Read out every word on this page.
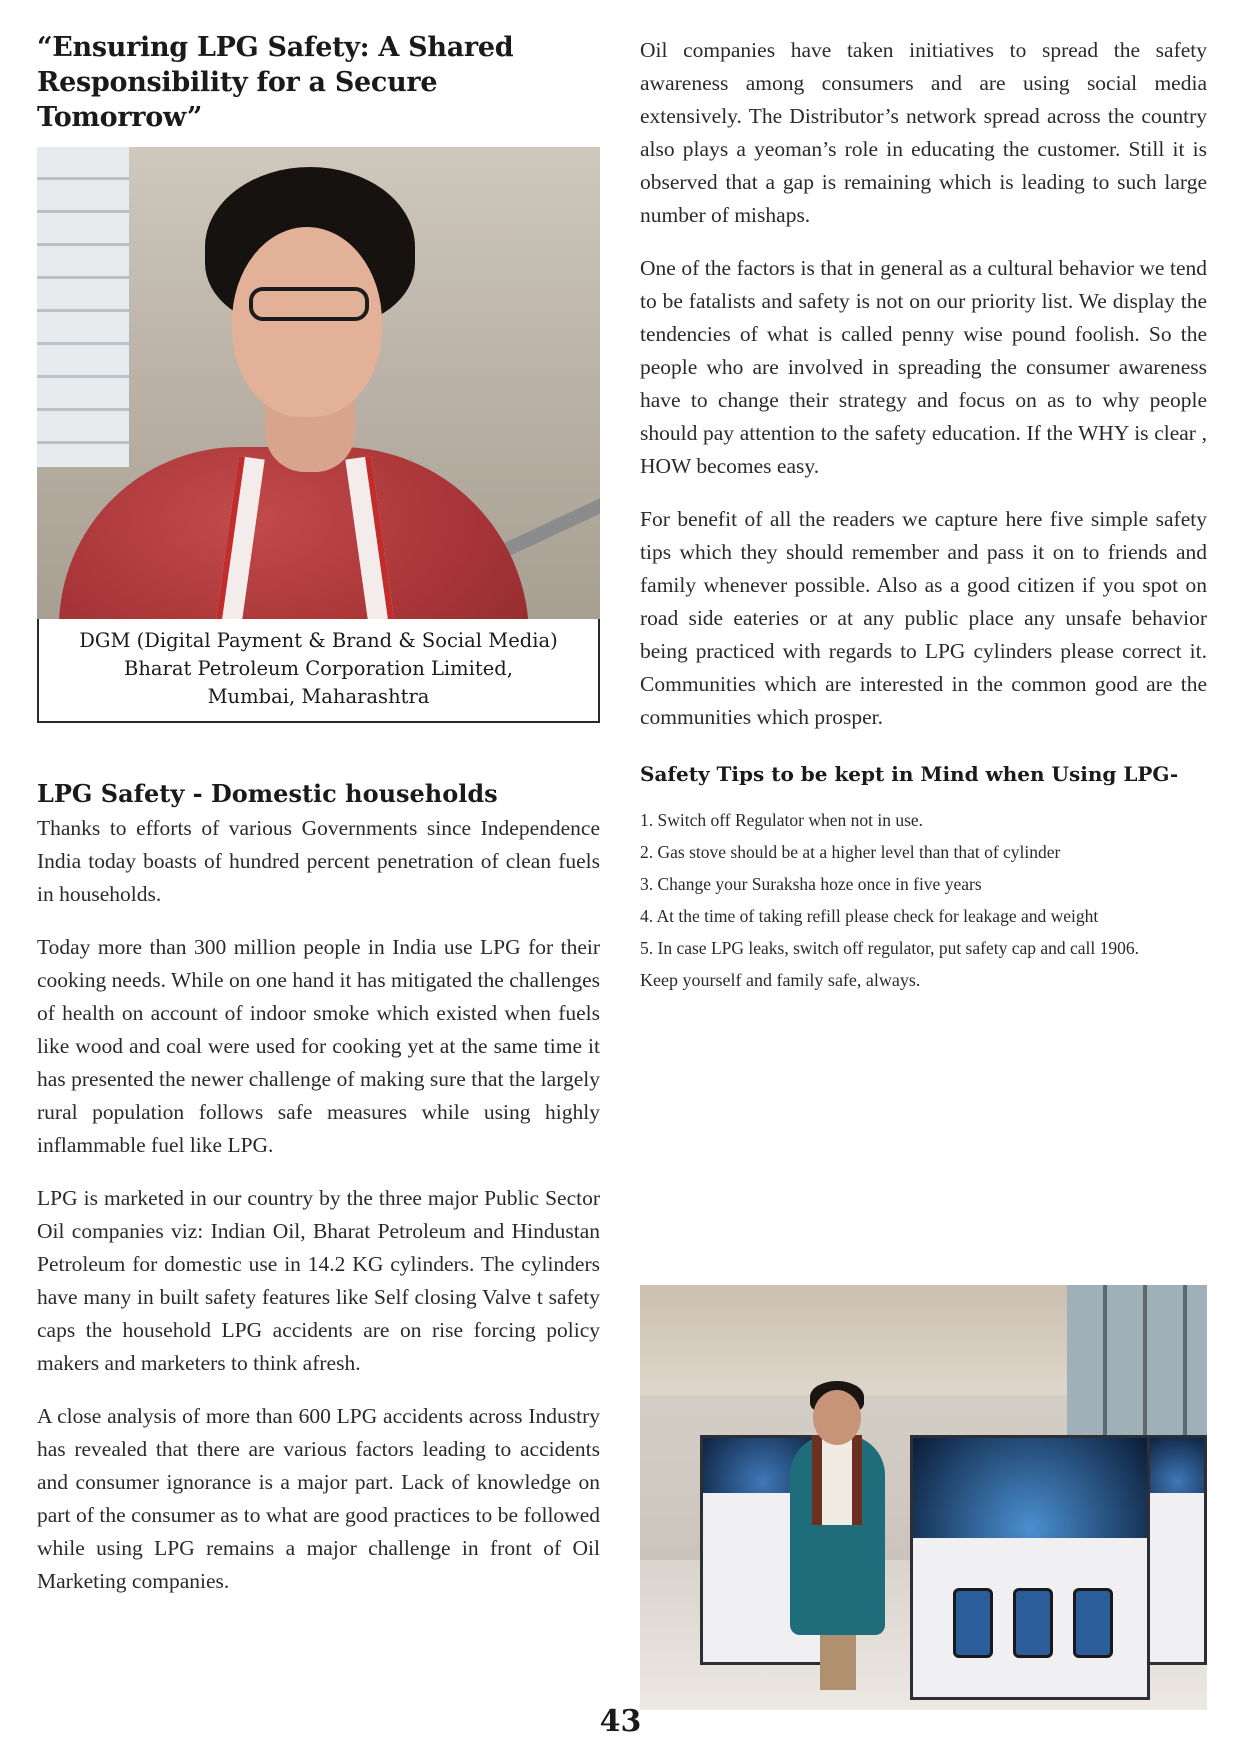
“Ensuring LPG Safety: A Shared
Responsibility for a Secure Tomorrow”
DGM (Digital Payment & Brand & Social Media)
Bharat Petroleum Corporation Limited,
Mumbai, Maharashtra
LPG Safety - Domestic households

Thanks to efforts of various Governments since Independence India today boasts of hundred percent penetration of clean fuels in households.

Today more than 300 million people in India use LPG for their cooking needs. While on one hand it has mitigated the challenges of health on account of indoor smoke which existed when fuels like wood and coal were used for cooking yet at the same time it has presented the newer challenge of making sure that the largely rural population follows safe measures while using highly inflammable fuel like LPG.

LPG is marketed in our country by the three major Public Sector Oil companies viz: Indian Oil, Bharat Petroleum and Hindustan Petroleum for domestic use in 14.2 KG cylinders. The cylinders have many in built safety features like Self closing Valve t safety caps the household LPG accidents are on rise forcing policy makers and marketers to think afresh.

A close analysis of more than 600 LPG accidents across Industry has revealed that there are various factors leading to accidents and consumer ignorance is a major part. Lack of knowledge on part of the consumer as to what are good practices to be followed while using LPG remains a major challenge in front of Oil Marketing companies.

Oil companies have taken initiatives to spread the safety awareness among consumers and are using social media extensively. The Distributor’s network spread across the country also plays a yeoman’s role in educating the customer. Still it is observed that a gap is remaining which is leading to such large number of mishaps.

One of the factors is that in general as a cultural behavior we tend to be fatalists and safety is not on our priority list. We display the tendencies of what is called penny wise pound foolish. So the people who are involved in spreading the consumer awareness have to change their strategy and focus on as to why people should pay attention to the safety education. If the WHY is clear , HOW becomes easy.

For benefit of all the readers we capture here five simple safety tips which they should remember and pass it on to friends and family whenever possible. Also as a good citizen if you spot on road side eateries or at any public place any unsafe behavior being practiced with regards to LPG cylinders please correct it. Communities which are interested in the common good are the communities which prosper.

Safety Tips to be kept in Mind when Using LPG-
1. Switch off Regulator when not in use.
2. Gas stove should be at a higher level than that of cylinder
3. Change your Suraksha hoze once in five years
4. At the time of taking refill please check for leakage and weight
5. In case LPG leaks, switch off regulator, put safety cap and call 1906.

Keep yourself and family safe, always.

43
